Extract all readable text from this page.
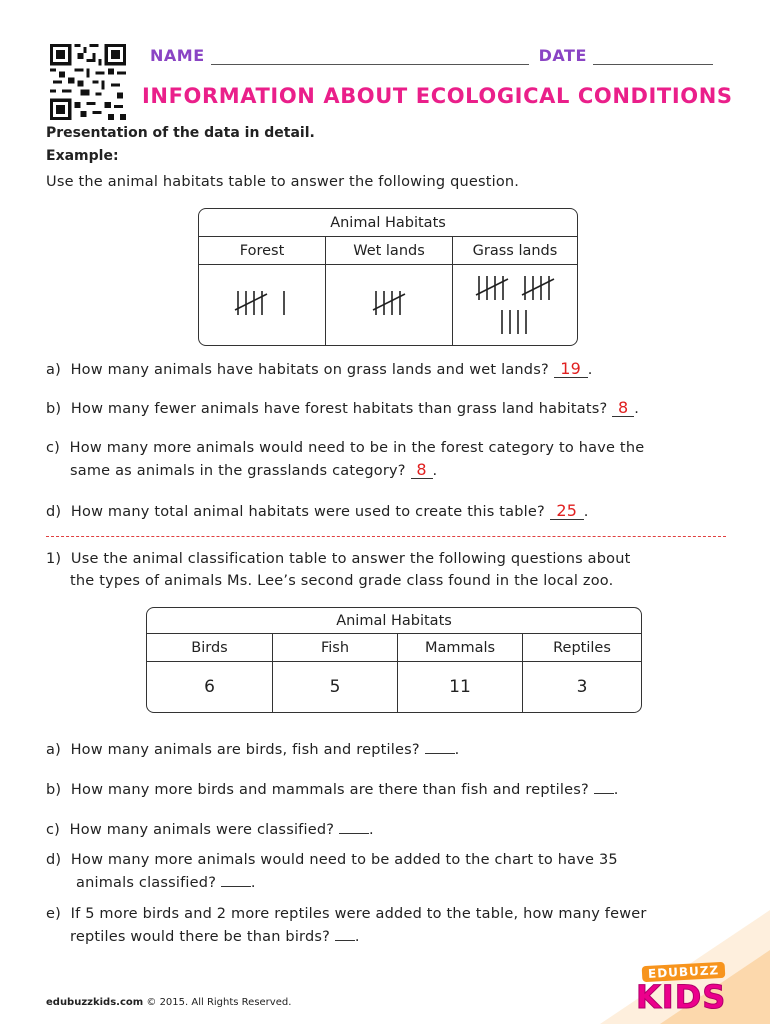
NAME	DATE
INFORMATION ABOUT ECOLOGICAL CONDITIONS
Presentation of the data in detail.
Example:
Use the animal habitats table to answer the following question.
Animal Habitats		
Forest	Wet lands	Grass lands

a) How many animals have habitats on grass lands and wet lands? 19 .
b) How many fewer animals have forest habitats than grass land habitats? 8 .
c) How many more animals would need to be in the forest category to have the
same as animals in the grasslands category? 8 .
d) How many total animal habitats were used to create this table? 25 .
1) Use the animal classification table to answer the following questions about
the types of animals Ms. Lee’s second grade class found in the local zoo.
Animal Habitats			
Birds	Fish	Mammals	Reptiles
6	5	11	3
a) How many animals are birds, fish and reptiles? .
b) How many more birds and mammals are there than fish and reptiles? .
c) How many animals were classified? .
d) How many more animals would need to be added to the chart to have 35
animals classified? .
e) If 5 more birds and 2 more reptiles were added to the table, how many fewer
reptiles would there be than birds? .
edubuzzkids.com © 2015. All Rights Reserved.
EDUBUZZ
KIDS
